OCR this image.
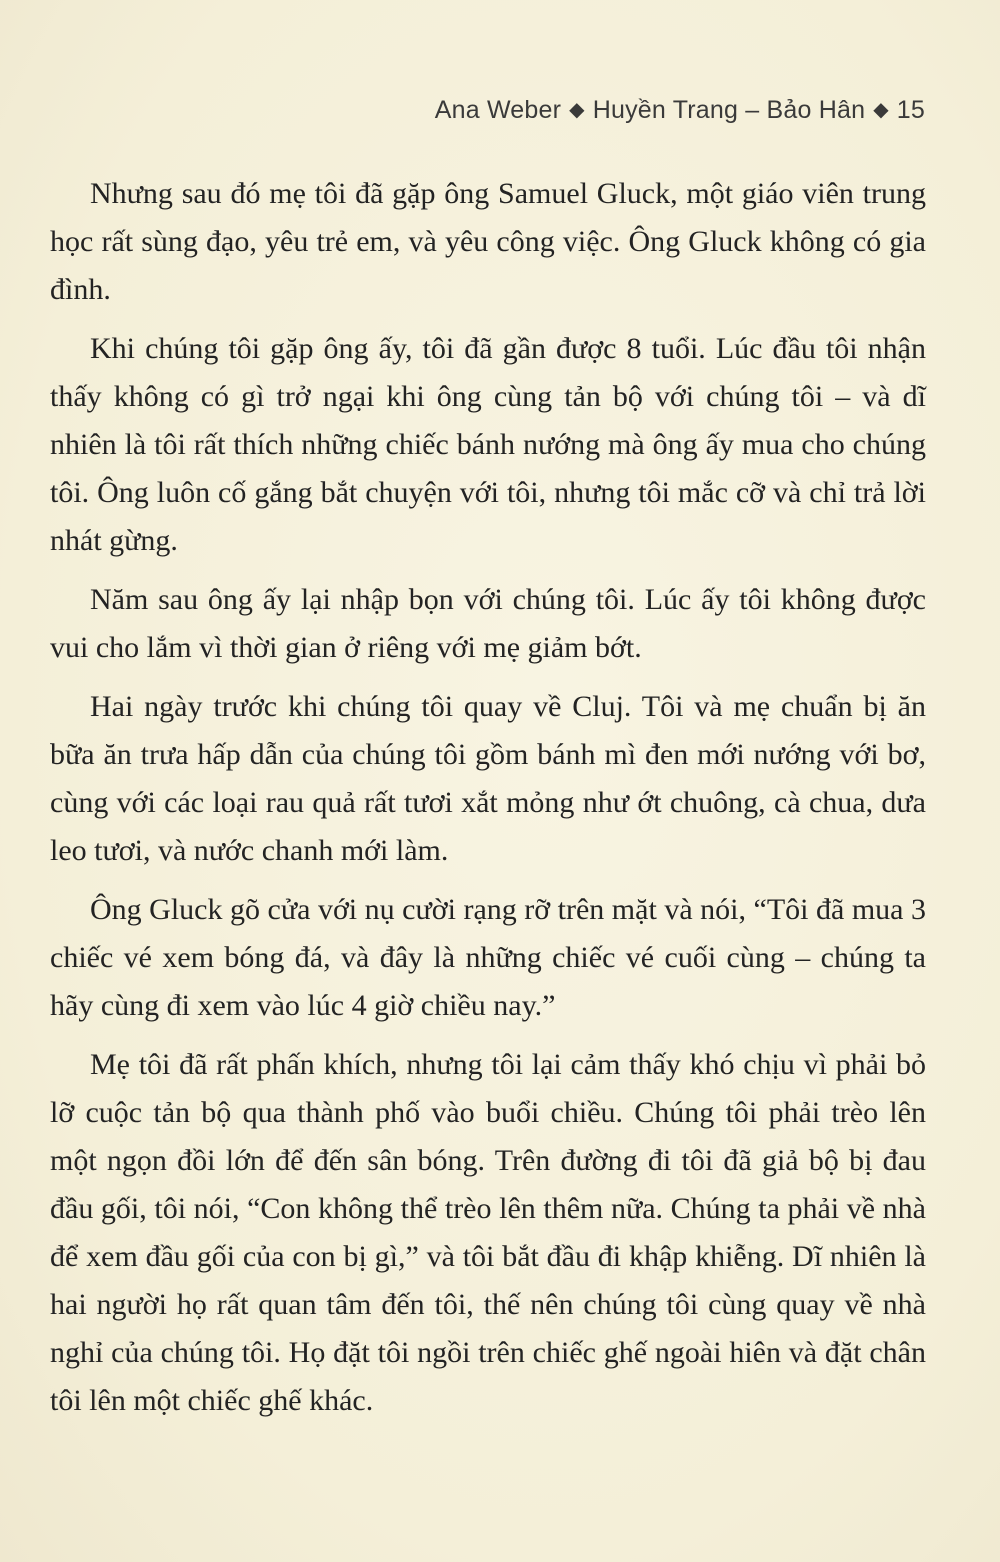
Ana Weber ◆ Huyền Trang – Bảo Hân ◆ 15

Nhưng sau đó mẹ tôi đã gặp ông Samuel Gluck, một giáo viên trung học rất sùng đạo, yêu trẻ em, và yêu công việc. Ông Gluck không có gia đình.

Khi chúng tôi gặp ông ấy, tôi đã gần được 8 tuổi. Lúc đầu tôi nhận thấy không có gì trở ngại khi ông cùng tản bộ với chúng tôi – và dĩ nhiên là tôi rất thích những chiếc bánh nướng mà ông ấy mua cho chúng tôi. Ông luôn cố gắng bắt chuyện với tôi, nhưng tôi mắc cỡ và chỉ trả lời nhát gừng.

Năm sau ông ấy lại nhập bọn với chúng tôi. Lúc ấy tôi không được vui cho lắm vì thời gian ở riêng với mẹ giảm bớt.

Hai ngày trước khi chúng tôi quay về Cluj. Tôi và mẹ chuẩn bị ăn bữa ăn trưa hấp dẫn của chúng tôi gồm bánh mì đen mới nướng với bơ, cùng với các loại rau quả rất tươi xắt mỏng như ớt chuông, cà chua, dưa leo tươi, và nước chanh mới làm.

Ông Gluck gõ cửa với nụ cười rạng rỡ trên mặt và nói, “Tôi đã mua 3 chiếc vé xem bóng đá, và đây là những chiếc vé cuối cùng – chúng ta hãy cùng đi xem vào lúc 4 giờ chiều nay.”

Mẹ tôi đã rất phấn khích, nhưng tôi lại cảm thấy khó chịu vì phải bỏ lỡ cuộc tản bộ qua thành phố vào buổi chiều. Chúng tôi phải trèo lên một ngọn đồi lớn để đến sân bóng. Trên đường đi tôi đã giả bộ bị đau đầu gối, tôi nói, “Con không thể trèo lên thêm nữa. Chúng ta phải về nhà để xem đầu gối của con bị gì,” và tôi bắt đầu đi khập khiễng. Dĩ nhiên là hai người họ rất quan tâm đến tôi, thế nên chúng tôi cùng quay về nhà nghỉ của chúng tôi. Họ đặt tôi ngồi trên chiếc ghế ngoài hiên và đặt chân tôi lên một chiếc ghế khác.
